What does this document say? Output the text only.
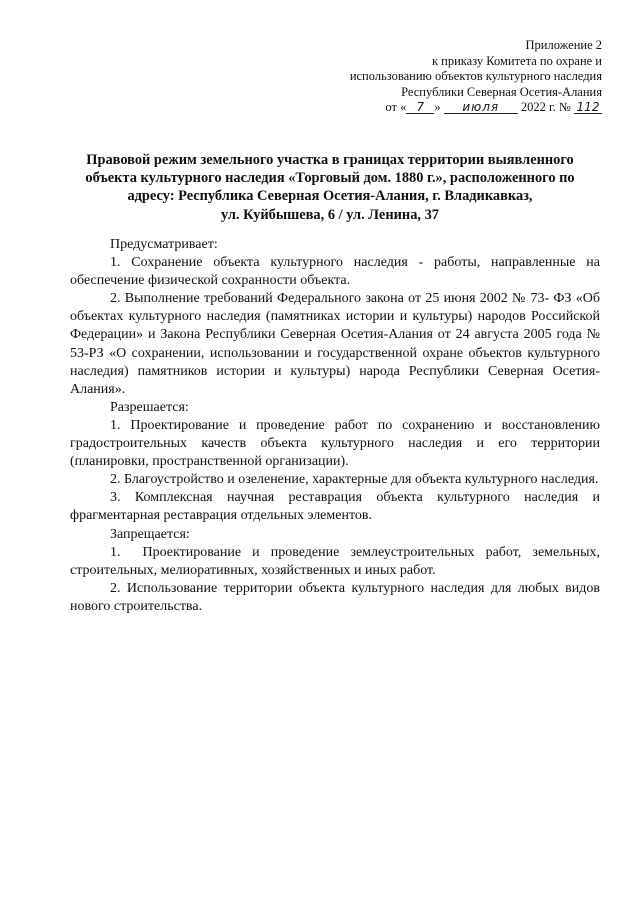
Приложение 2
к приказу Комитета по охране и
использованию объектов культурного наследия
Республики Северная Осетия-Алания
от « 7 » июля 2022 г. № 112
Правовой режим земельного участка в границах территории выявленного
объекта культурного наследия «Торговый дом. 1880 г.», расположенного по
адресу: Республика Северная Осетия-Алания, г. Владикавказ,
ул. Куйбышева, 6 / ул. Ленина, 37

Предусматривает:

1. Сохранение объекта культурного наследия - работы, направленные на обеспечение физической сохранности объекта.

2. Выполнение требований Федерального закона от 25 июня 2002 № 73- ФЗ «Об объектах культурного наследия (памятниках истории и культуры) народов Российской Федерации» и Закона Республики Северная Осетия-Алания от 24 августа 2005 года № 53-РЗ «О сохранении, использовании и государственной охране объектов культурного наследия) памятников истории и культуры) народа Республики Северная Осетия-Алания».

Разрешается:

1. Проектирование и проведение работ по сохранению и восстановлению градостроительных качеств объекта культурного наследия и его территории (планировки, пространственной организации).

2. Благоустройство и озеленение, характерные для объекта культурного наследия.

3. Комплексная научная реставрация объекта культурного наследия и фрагментарная реставрация отдельных элементов.

Запрещается:

1. Проектирование и проведение землеустроительных работ, земельных, строительных, мелиоративных, хозяйственных и иных работ.

2. Использование территории объекта культурного наследия для любых видов нового строительства.
